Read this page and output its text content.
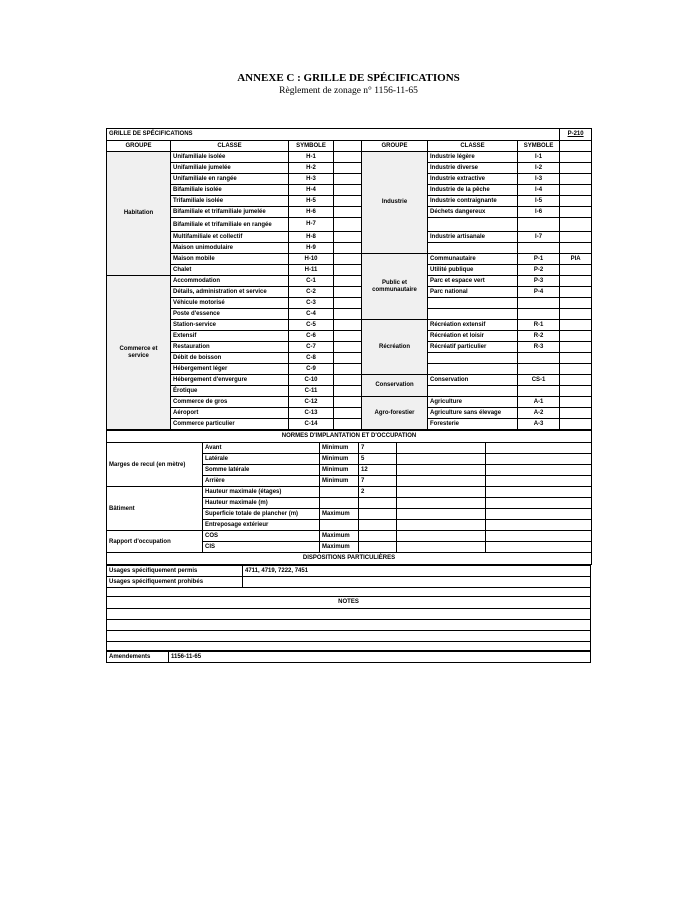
ANNEXE C : GRILLE DE SPÉCIFICATIONS
Règlement de zonage n° 1156-11-65
GRILLE DE SPÉCIFICATIONS							P-210
GROUPE	CLASSE	SYMBOLE		GROUPE	CLASSE	SYMBOLE	
Habitation	Unifamiliale isolée	H-1		Industrie	Industrie légère	I-1	
	Unifamiliale jumelée	H-2			Industrie diverse	I-2	
	Unifamiliale en rangée	H-3			Industrie extractive	I-3	
	Bifamiliale isolée	H-4			Industrie de la pêche	I-4	
	Trifamiliale isolée	H-5			Industrie contraignante	I-5	
	Bifamiliale et trifamiliale jumelée	H-6			Déchets dangereux	I-6	
	Bifamiliale et trifamiliale en rangée	H-7					
	Multifamiliale et collectif	H-8			Industrie artisanale	I-7	
	Maison unimodulaire	H-9					
	Maison mobile	H-10		Public et communautaire	Communautaire	P-1	PIA
	Chalet	H-11			Utilité publique	P-2	
Commerce et service	Accommodation	C-1			Parc et espace vert	P-3	
	Détails, administration et service	C-2			Parc national	P-4	
	Véhicule motorisé	C-3					
	Poste d'essence	C-4					
	Station-service	C-5		Récréation	Récréation extensif	R-1	
	Extensif	C-6			Récréation et loisir	R-2	
	Restauration	C-7			Récréatif particulier	R-3	
	Débit de boisson	C-8					
	Hébergement léger	C-9					
	Hébergement d'envergure	C-10		Conservation	Conservation	CS-1	
	Érotique	C-11					
	Commerce de gros	C-12		Agro-forestier	Agriculture	A-1	
	Aéroport	C-13			Agriculture sans élevage	A-2	
	Commerce particulier	C-14			Foresterie	A-3	
NORMES D'IMPLANTATION ET D'OCCUPATION					
Marges de recul (en mètre)	Avant	Minimum	7		
	Latérale	Minimum	5		
	Somme latérale	Minimum	12		
	Arrière	Minimum	7		
Bâtiment	Hauteur maximale (étages)		2		
	Hauteur maximale (m)				
	Superficie totale de plancher (m)	Maximum			
	Entreposage extérieur				
Rapport d'occupation	COS	Maximum			
	CIS	Maximum			
DISPOSITIONS PARTICULIÈRES					
Usages spécifiquement permis	4711, 4719, 7222, 7451
Usages spécifiquement prohibés	

NOTES	

Amendements	1156-11-65
